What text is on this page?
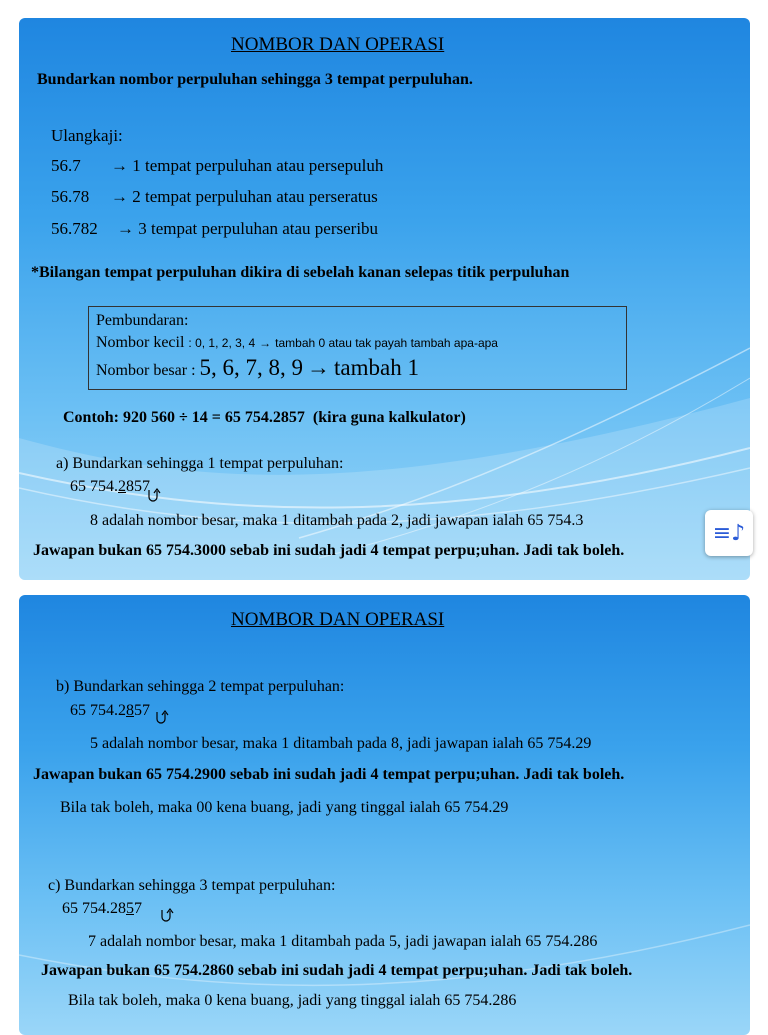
NOMBOR DAN OPERASI
Bundarkan nombor perpuluhan sehingga 3 tempat perpuluhan.
Ulangkaji:
56.7 → 1 tempat perpuluhan atau persepuluh
56.78 → 2 tempat perpuluhan atau perseratus
56.782 → 3 tempat perpuluhan atau perseribu
*Bilangan tempat perpuluhan dikira di sebelah kanan selepas titik perpuluhan
Pembundaran:
Nombor kecil : 0, 1, 2, 3, 4 → tambah 0 atau tak payah tambah apa-apa
Nombor besar : 5, 6, 7, 8, 9 → tambah 1
Contoh: 920 560 ÷ 14 = 65 754.2857 (kira guna kalkulator)
a) Bundarkan sehingga 1 tempat perpuluhan:
65 754.2857
8 adalah nombor besar, maka 1 ditambah pada 2, jadi jawapan ialah 65 754.3
Jawapan bukan 65 754.3000 sebab ini sudah jadi 4 tempat perpu;uhan. Jadi tak boleh.
≡♪
NOMBOR DAN OPERASI
b) Bundarkan sehingga 2 tempat perpuluhan:
65 754.2857
5 adalah nombor besar, maka 1 ditambah pada 8, jadi jawapan ialah 65 754.29
Jawapan bukan 65 754.2900 sebab ini sudah jadi 4 tempat perpu;uhan. Jadi tak boleh.
Bila tak boleh, maka 00 kena buang, jadi yang tinggal ialah 65 754.29
c) Bundarkan sehingga 3 tempat perpuluhan:
65 754.2857
7 adalah nombor besar, maka 1 ditambah pada 5, jadi jawapan ialah 65 754.286
Jawapan bukan 65 754.2860 sebab ini sudah jadi 4 tempat perpu;uhan. Jadi tak boleh.
Bila tak boleh, maka 0 kena buang, jadi yang tinggal ialah 65 754.286
